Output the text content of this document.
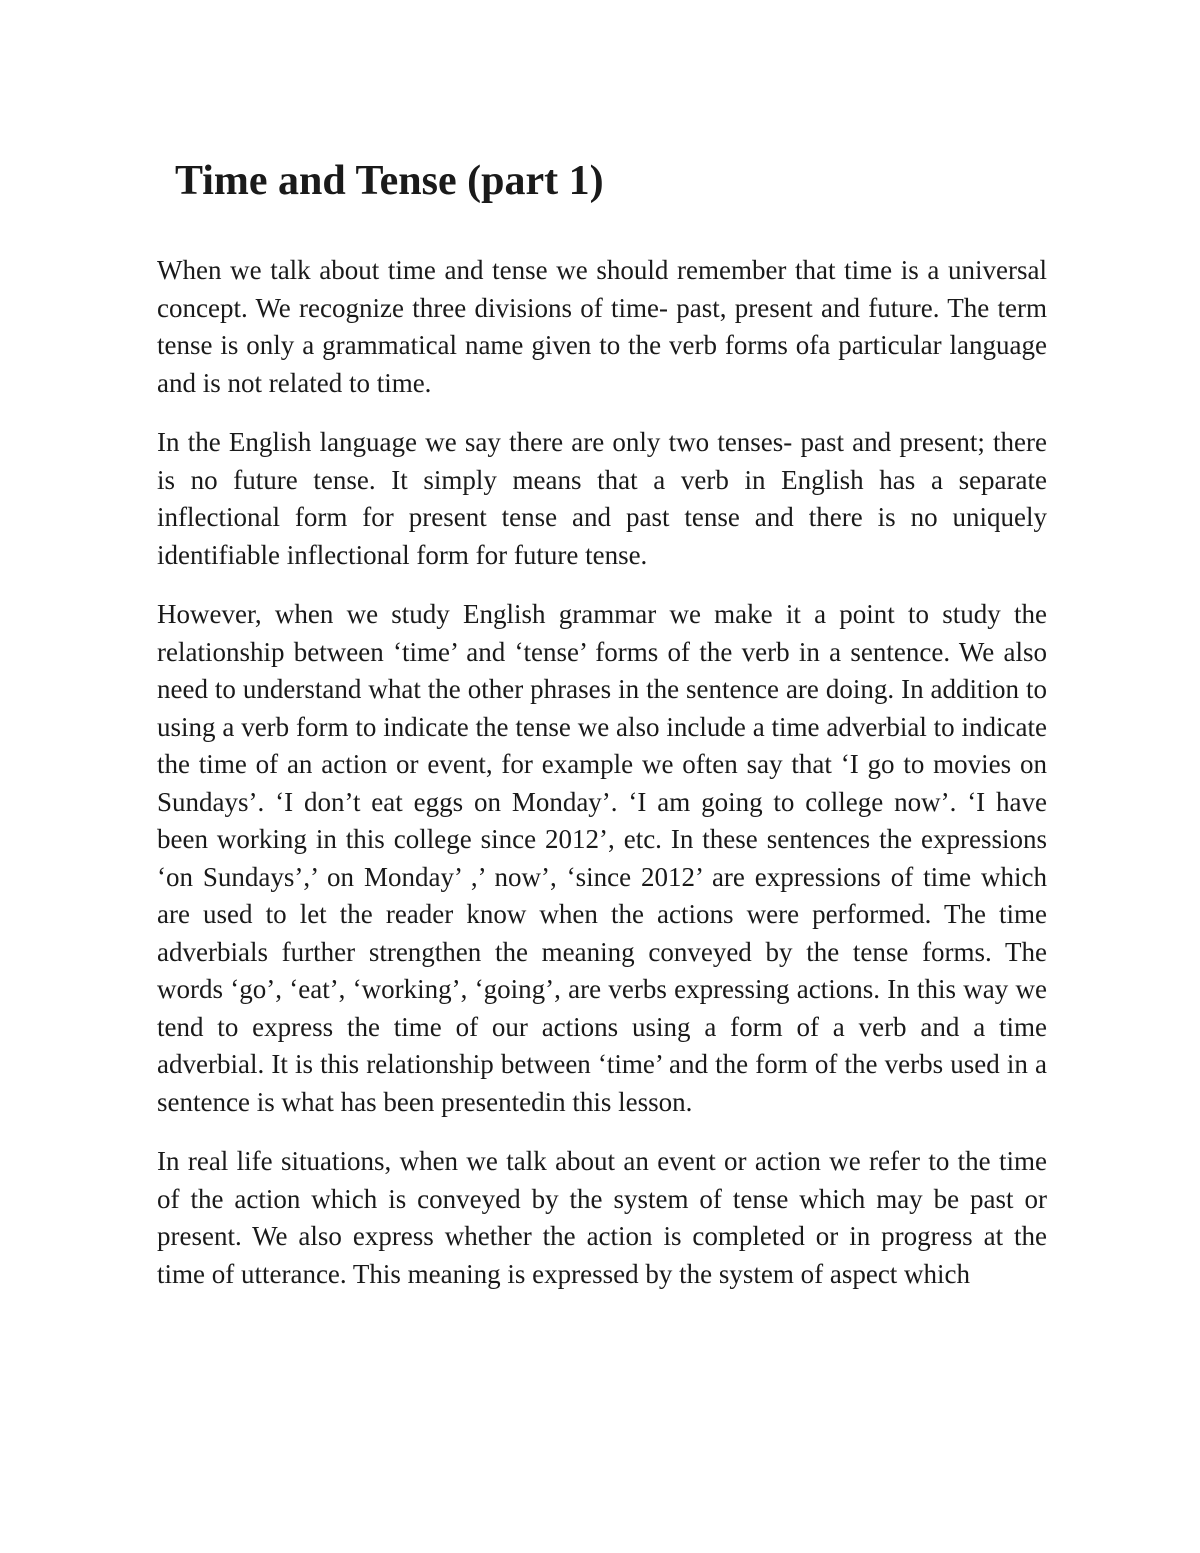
Time and Tense (part 1)

When we talk about time and tense we should remember that time is a universal concept. We recognize three divisions of time- past, present and future. The term tense is only a grammatical name given to the verb forms ofa particular language and is not related to time.

In the English language we say there are only two tenses- past and present; there is no future tense. It simply means that a verb in English has a separate inflectional form for present tense and past tense and there is no uniquely identifiable inflectional form for future tense.

However, when we study English grammar we make it a point to study the relationship between ‘time’ and ‘tense’ forms of the verb in a sentence. We also need to understand what the other phrases in the sentence are doing. In addition to using a verb form to indicate the tense we also include a time adverbial to indicate the time of an action or event, for example we often say that ‘I go to movies on Sundays’. ‘I don’t eat eggs on Monday’. ‘I am going to college now’. ‘I have been working in this college since 2012’, etc. In these sentences the expressions ‘on Sundays’,’ on Monday’ ,’ now’, ‘since 2012’ are expressions of time which are used to let the reader know when the actions were performed. The time adverbials further strengthen the meaning conveyed by the tense forms. The words ‘go’, ‘eat’, ‘working’, ‘going’, are verbs expressing actions. In this way we tend to express the time of our actions using a form of a verb and a time adverbial. It is this relationship between ‘time’ and the form of the verbs used in a sentence is what has been presentedin this lesson.

In real life situations, when we talk about an event or action we refer to the time of the action which is conveyed by the system of tense which may be past or present. We also express whether the action is completed or in progress at the time of utterance. This meaning is expressed by the system of aspect which
